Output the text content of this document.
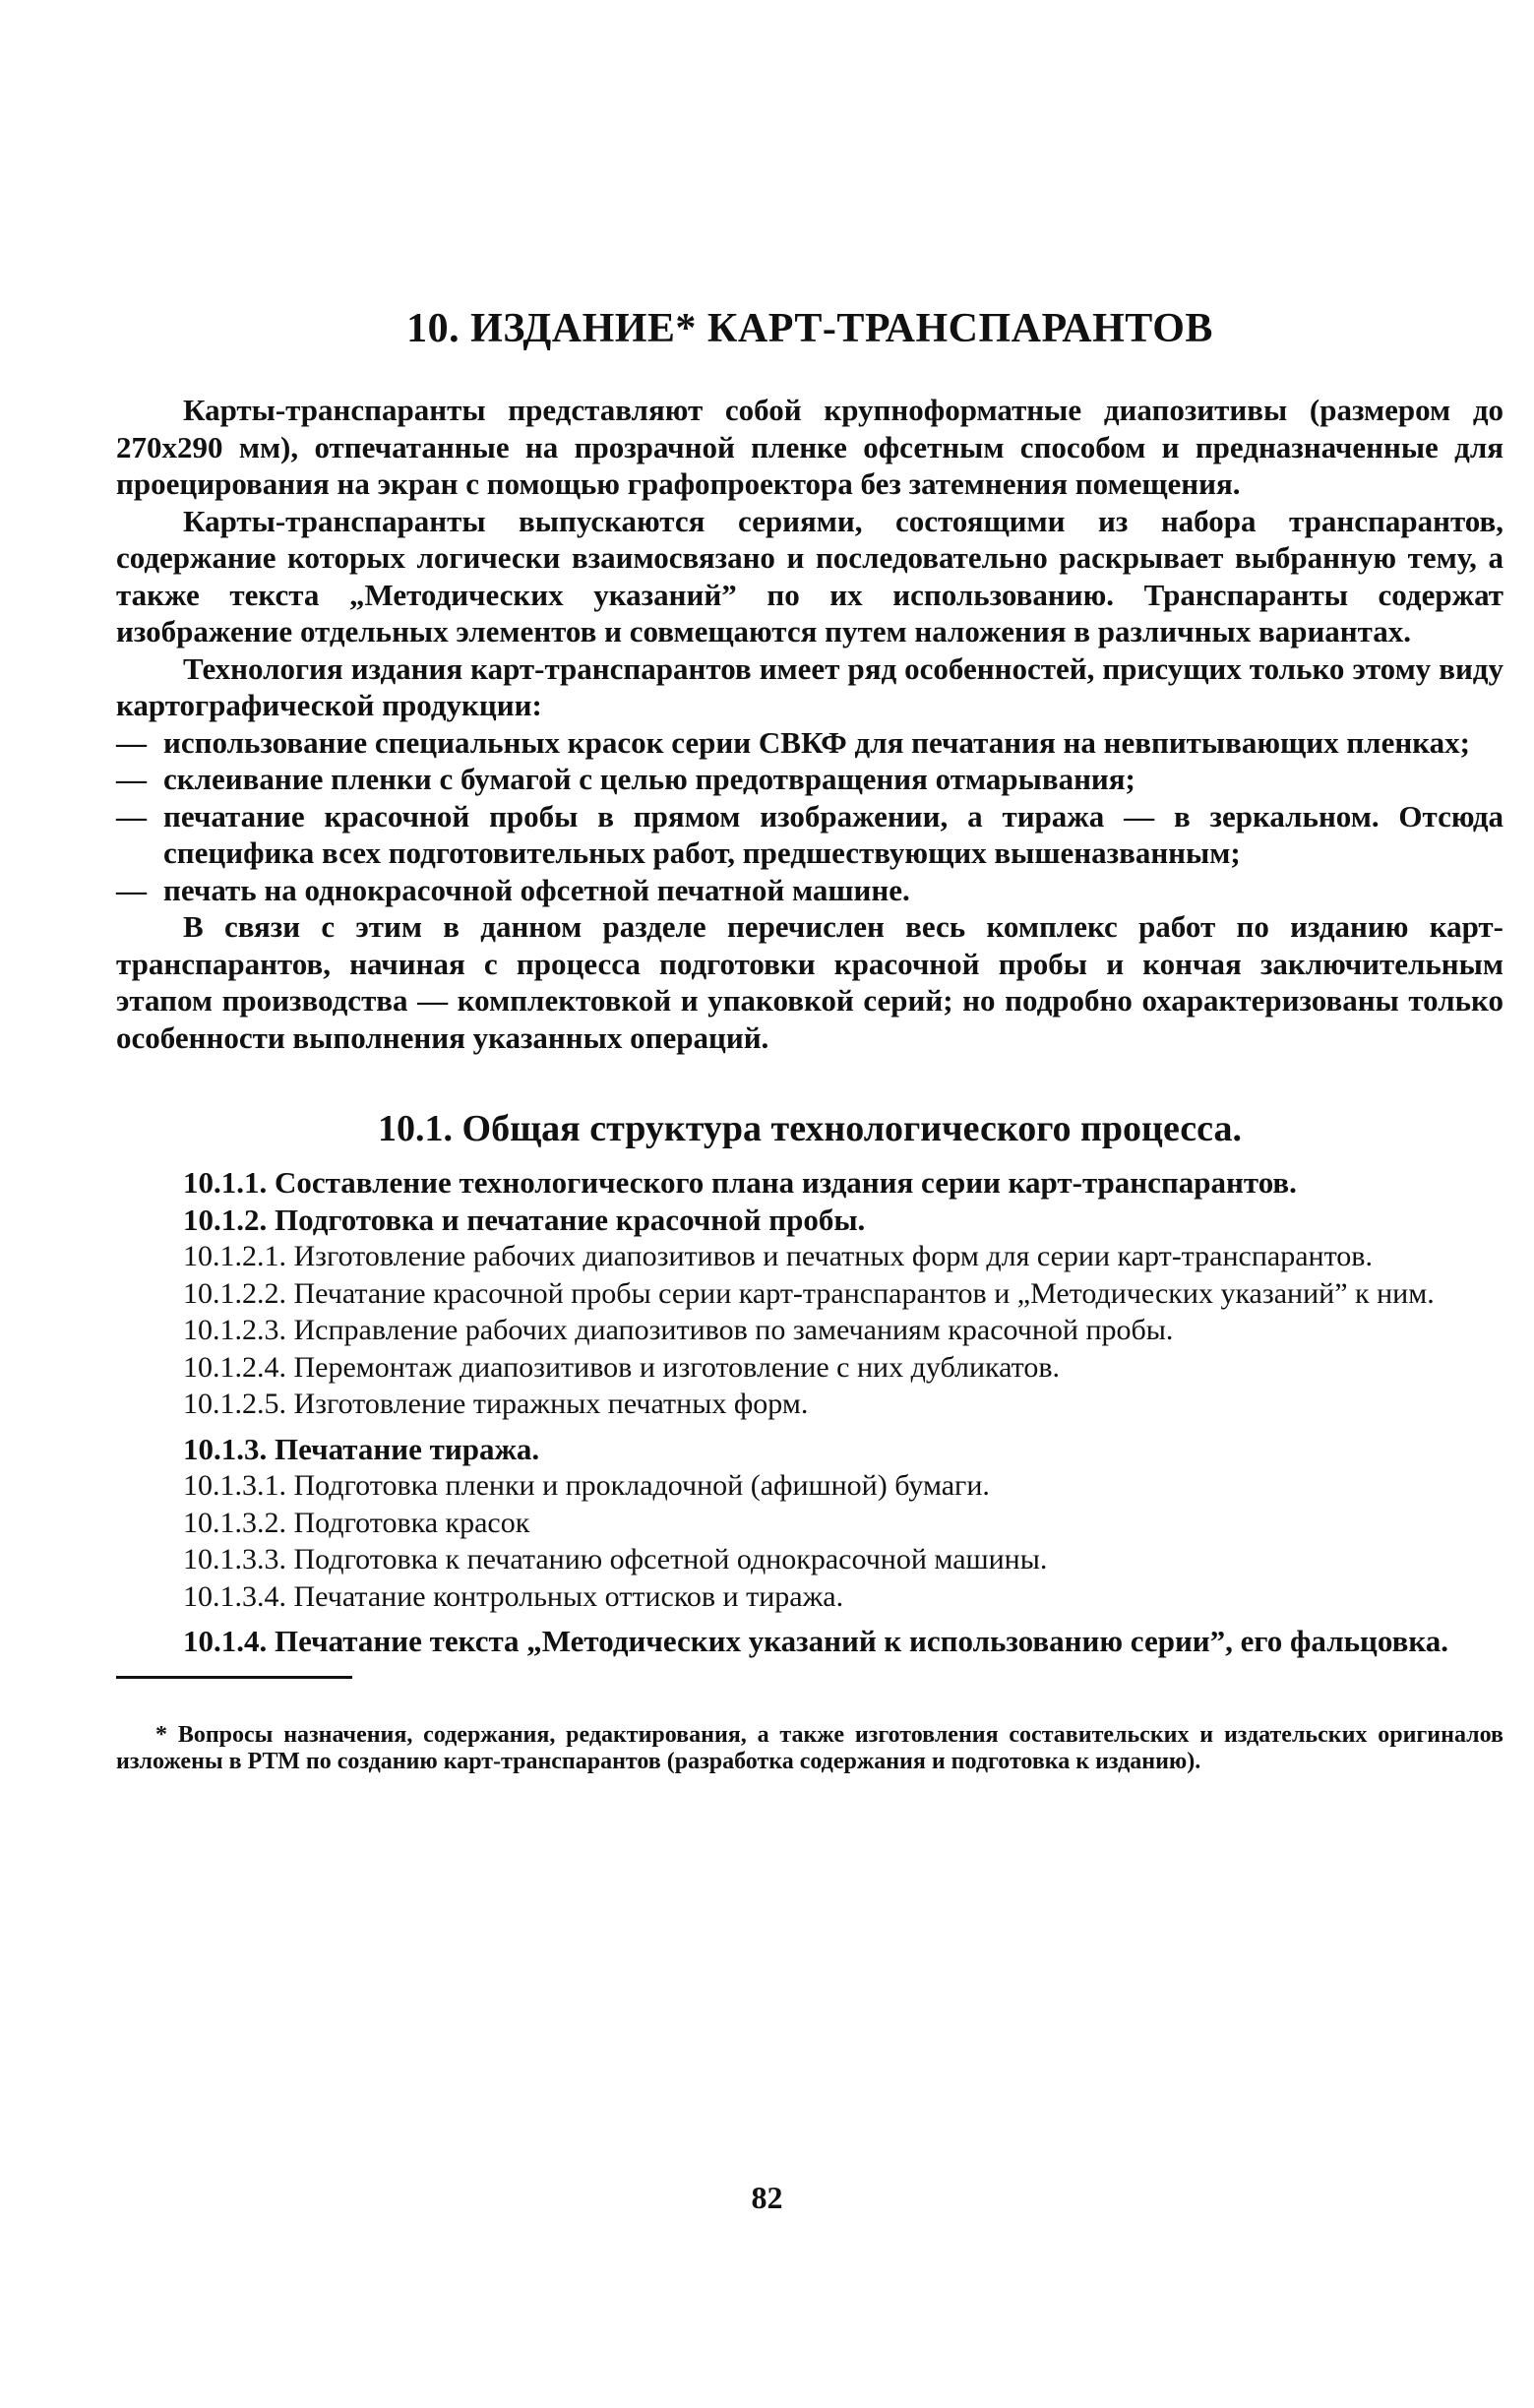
10. ИЗДАНИЕ* КАРТ-ТРАНСПАРАНТОВ

Карты-транспаранты представляют собой крупноформатные диапозитивы (размером до 270х290 мм), отпечатанные на прозрачной пленке офсетным способом и предназначенные для проецирования на экран с помощью графопроектора без затемнения помещения.

Карты-транспаранты выпускаются сериями, состоящими из набора транспарантов, содержание которых логически взаимосвязано и последовательно раскрывает выбранную тему, а также текста „Методических указаний” по их использованию. Транспаранты содержат изображение отдельных элементов и совмещаются путем наложения в различных вариантах.

Технология издания карт-транспарантов имеет ряд особенностей, присущих только этому виду картографической продукции:

— использование специальных красок серии СВКФ для печатания на невпитывающих пленках;
— склеивание пленки с бумагой с целью предотвращения отмарывания;
— печатание красочной пробы в прямом изображении, а тиража — в зеркальном. Отсюда специфика всех подготовительных работ, предшествующих вышеназванным;
— печать на однокрасочной офсетной печатной машине.

В связи с этим в данном разделе перечислен весь комплекс работ по изданию карт-транспарантов, начиная с процесса подготовки красочной пробы и кончая заключительным этапом производства — комплектовкой и упаковкой серий; но подробно охарактеризованы только особенности выполнения указанных операций.

10.1. Общая структура технологического процесса.
10.1.1. Составление технологического плана издания серии карт-транспарантов.
10.1.2. Подготовка и печатание красочной пробы.
10.1.2.1. Изготовление рабочих диапозитивов и печатных форм для серии карт-транспарантов.
10.1.2.2. Печатание красочной пробы серии карт-транспарантов и „Методических указаний” к ним.
10.1.2.3. Исправление рабочих диапозитивов по замечаниям красочной пробы.
10.1.2.4. Перемонтаж диапозитивов и изготовление с них дубликатов.
10.1.2.5. Изготовление тиражных печатных форм.
10.1.3. Печатание тиража.
10.1.3.1. Подготовка пленки и прокладочной (афишной) бумаги.
10.1.3.2. Подготовка красок
10.1.3.3. Подготовка к печатанию офсетной однокрасочной машины.
10.1.3.4. Печатание контрольных оттисков и тиража.
10.1.4. Печатание текста „Методических указаний к использованию серии”, его фальцовка.
* Вопросы назначения, содержания, редактирования, а также изготовления составительских и издательских оригиналов изложены в РТМ по созданию карт-транспарантов (разработка содержания и подготовка к изданию).
82
